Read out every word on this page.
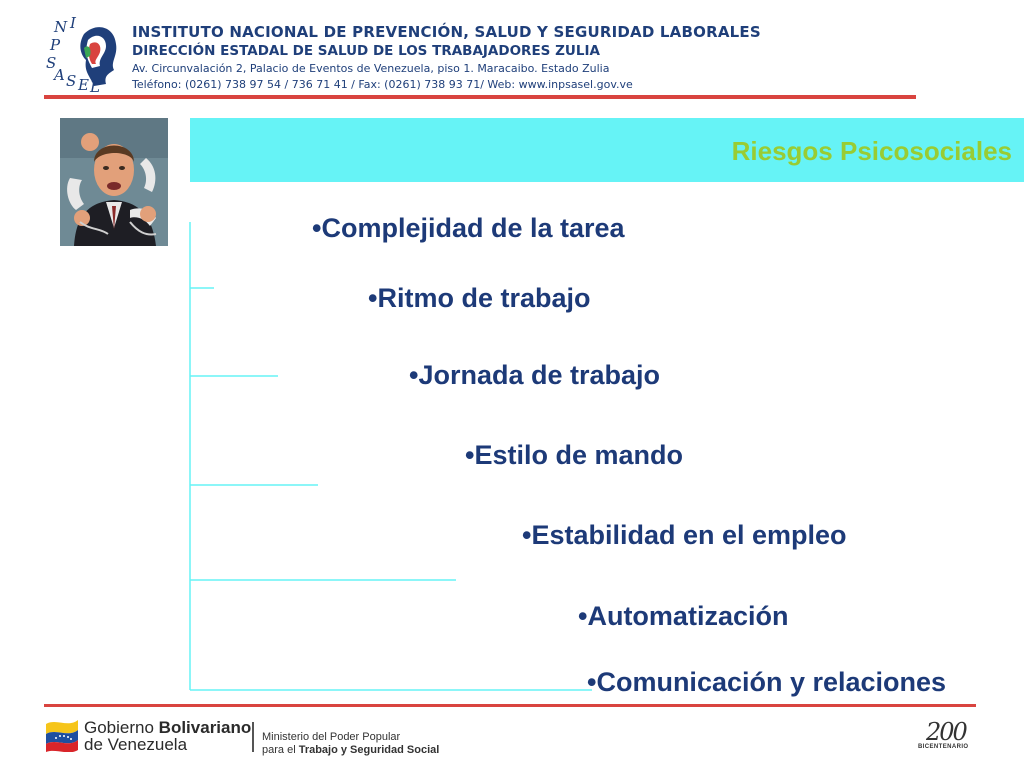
N I
P
S
A S E L
INSTITUTO NACIONAL DE PREVENCIÓN, SALUD Y SEGURIDAD LABORALES
DIRECCIÓN ESTADAL DE SALUD DE LOS TRABAJADORES ZULIA
Av. Circunvalación 2, Palacio de Eventos de Venezuela, piso 1. Maracaibo. Estado Zulia
Teléfono: (0261) 738 97 54 / 736 71 41 / Fax: (0261) 738 93 71/ Web: www.inpsasel.gov.ve
Riesgos Psicosociales
•Complejidad de la tarea
•Ritmo de trabajo
•Jornada de trabajo
•Estilo de mando
•Estabilidad en el empleo
•Automatización
•Comunicación y relaciones
Gobierno Bolivariano
de Venezuela	Ministerio del Poder Popular
para el Trabajo y Seguridad Social
200
BICENTENARIO
